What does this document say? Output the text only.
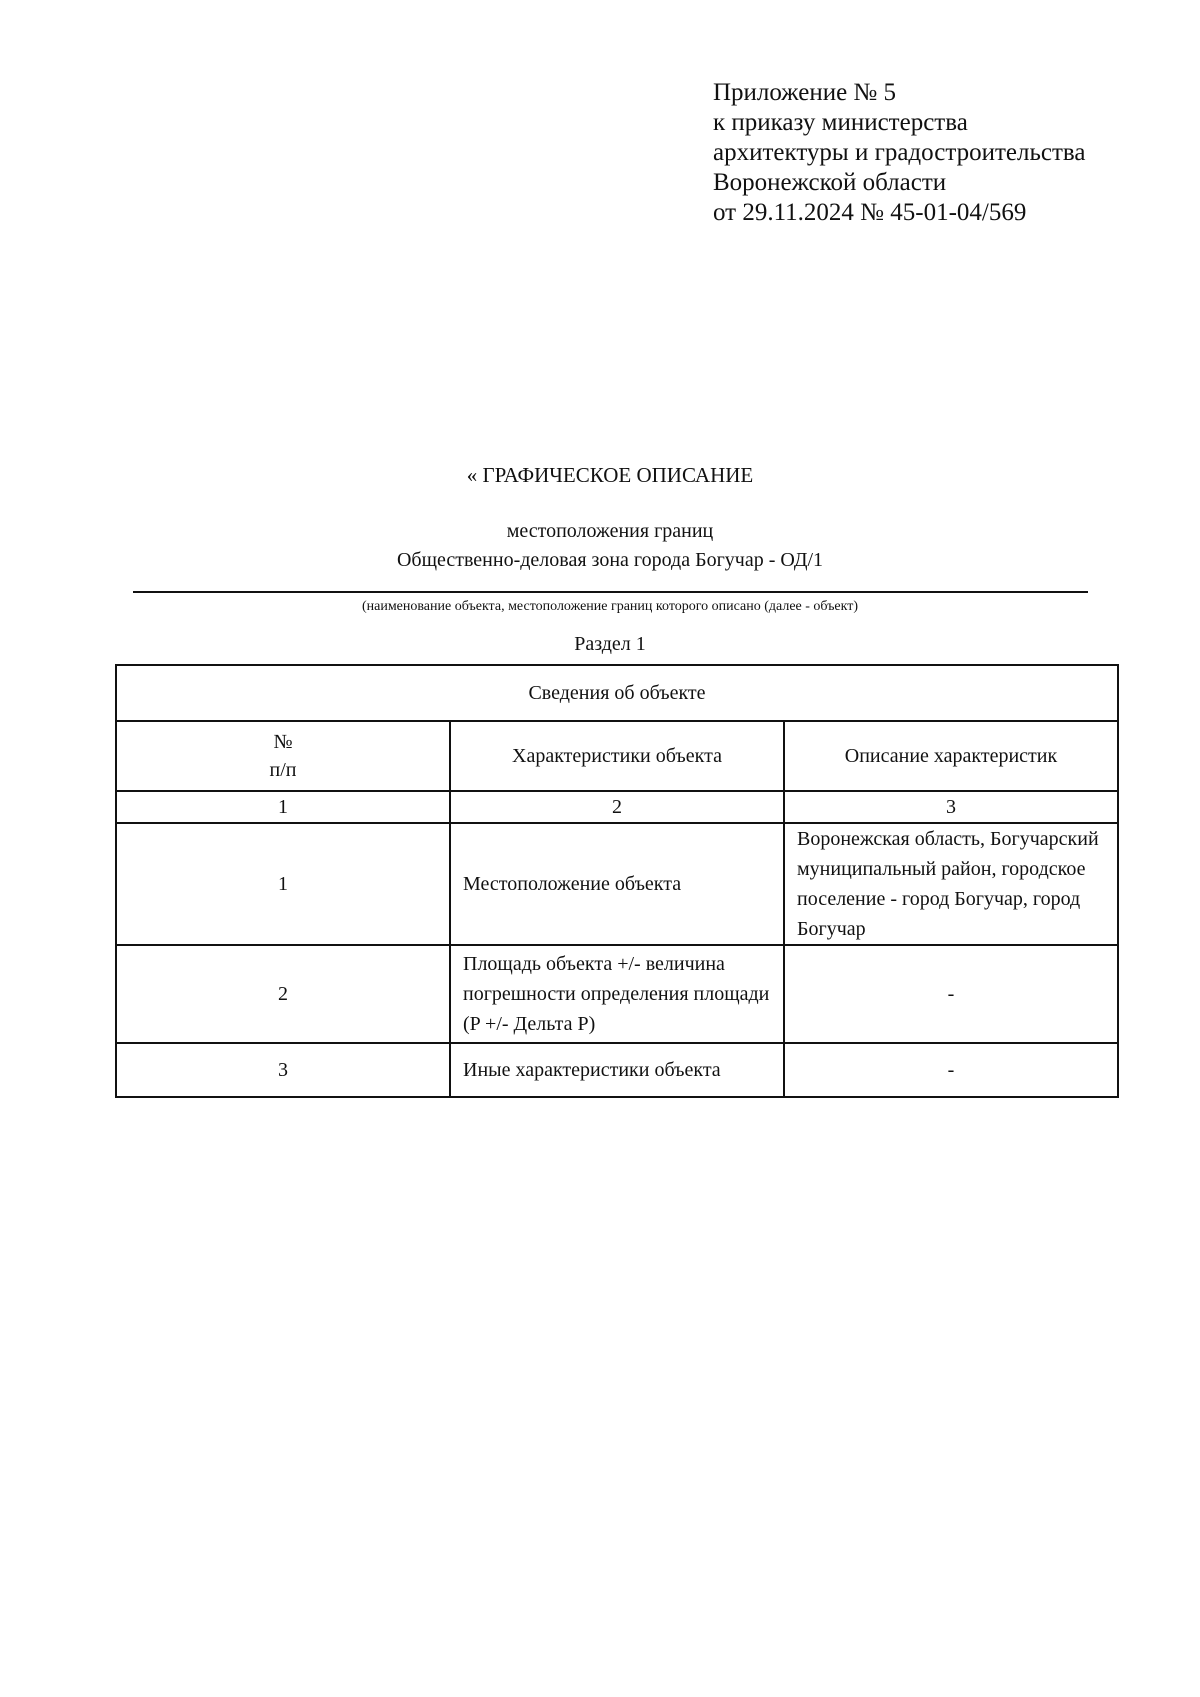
Приложение № 5
к приказу министерства
архитектуры и градостроительства
Воронежской области
от 29.11.2024 № 45-01-04/569
« ГРАФИЧЕСКОЕ ОПИСАНИЕ
местоположения границ
Общественно-деловая зона города Богучар - ОД/1
(наименование объекта, местоположение границ которого описано (далее - объект)
Раздел 1
Сведения об объекте		
№
п/п	Характеристики объекта	Описание характеристик
1	2	3
1	Местоположение объекта	Воронежская область, Богучарский муниципальный район, городское поселение - город Богучар, город Богучар
2	Площадь объекта +/- величина погрешности определения площади (P +/- Дельта P)	-
3	Иные характеристики объекта	-
